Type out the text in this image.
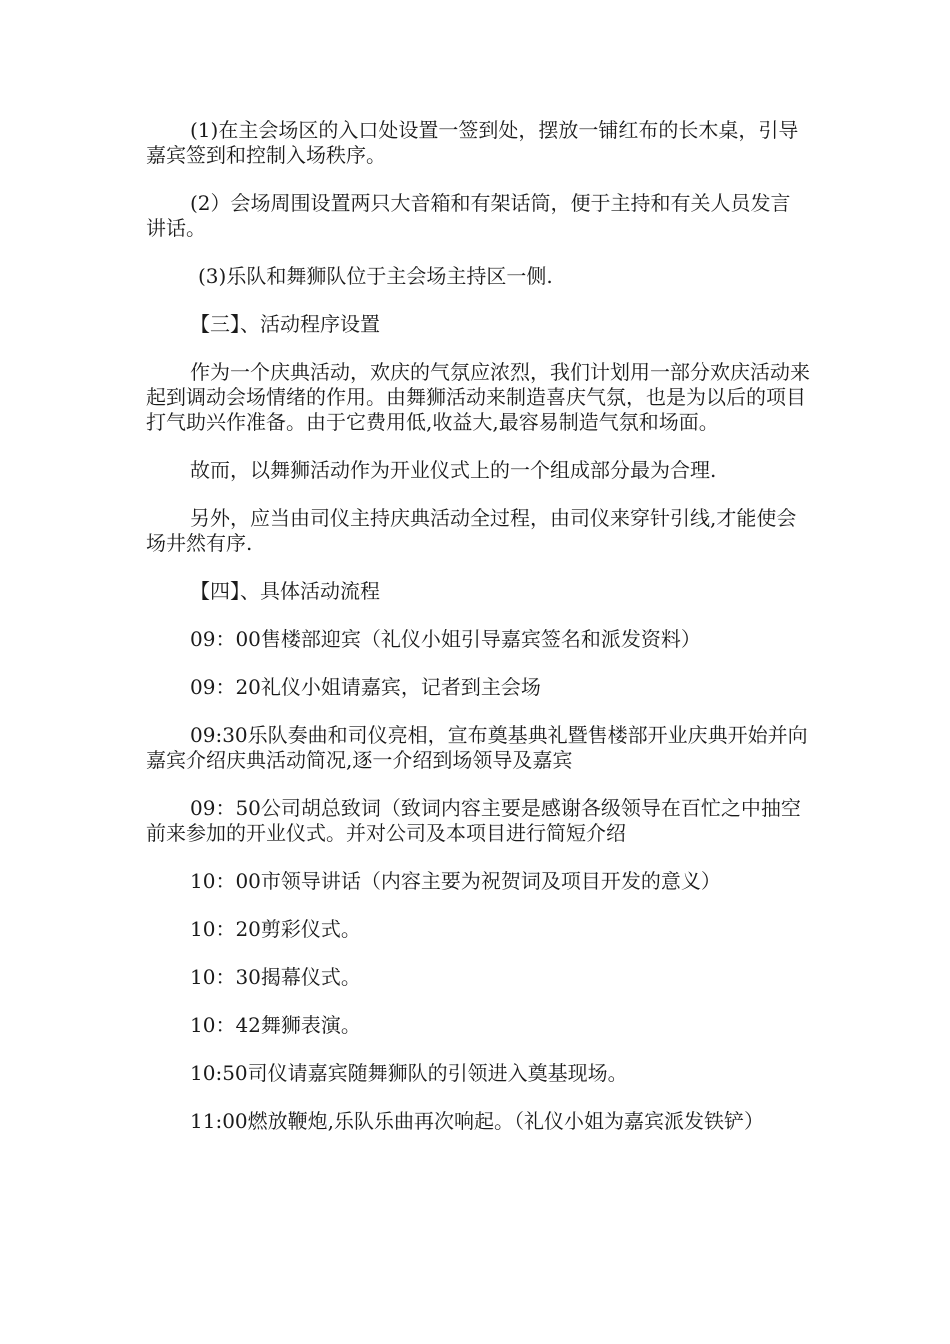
(1)在主会场区的入口处设置一签到处，摆放一铺红布的长木桌，引导嘉宾签到和控制入场秩序。

(2）会场周围设置两只大音箱和有架话筒，便于主持和有关人员发言讲话。

(3)乐队和舞狮队位于主会场主持区一侧.

【三】、活动程序设置

作为一个庆典活动，欢庆的气氛应浓烈，我们计划用一部分欢庆活动来起到调动会场情绪的作用。由舞狮活动来制造喜庆气氛，也是为以后的项目打气助兴作准备。由于它费用低,收益大,最容易制造气氛和场面。

故而，以舞狮活动作为开业仪式上的一个组成部分最为合理.

另外，应当由司仪主持庆典活动全过程，由司仪来穿针引线,才能使会场井然有序.

【四】、具体活动流程

09：00售楼部迎宾（礼仪小姐引导嘉宾签名和派发资料）

09：20礼仪小姐请嘉宾，记者到主会场

09:30乐队奏曲和司仪亮相，宣布奠基典礼暨售楼部开业庆典开始并向嘉宾介绍庆典活动简况,逐一介绍到场领导及嘉宾

09：50公司胡总致词（致词内容主要是感谢各级领导在百忙之中抽空前来参加的开业仪式。并对公司及本项目进行简短介绍

10：00市领导讲话（内容主要为祝贺词及项目开发的意义）

10：20剪彩仪式。

10：30揭幕仪式。

10：42舞狮表演。

10:50司仪请嘉宾随舞狮队的引领进入奠基现场。

11:00燃放鞭炮,乐队乐曲再次响起。（礼仪小姐为嘉宾派发铁铲）
